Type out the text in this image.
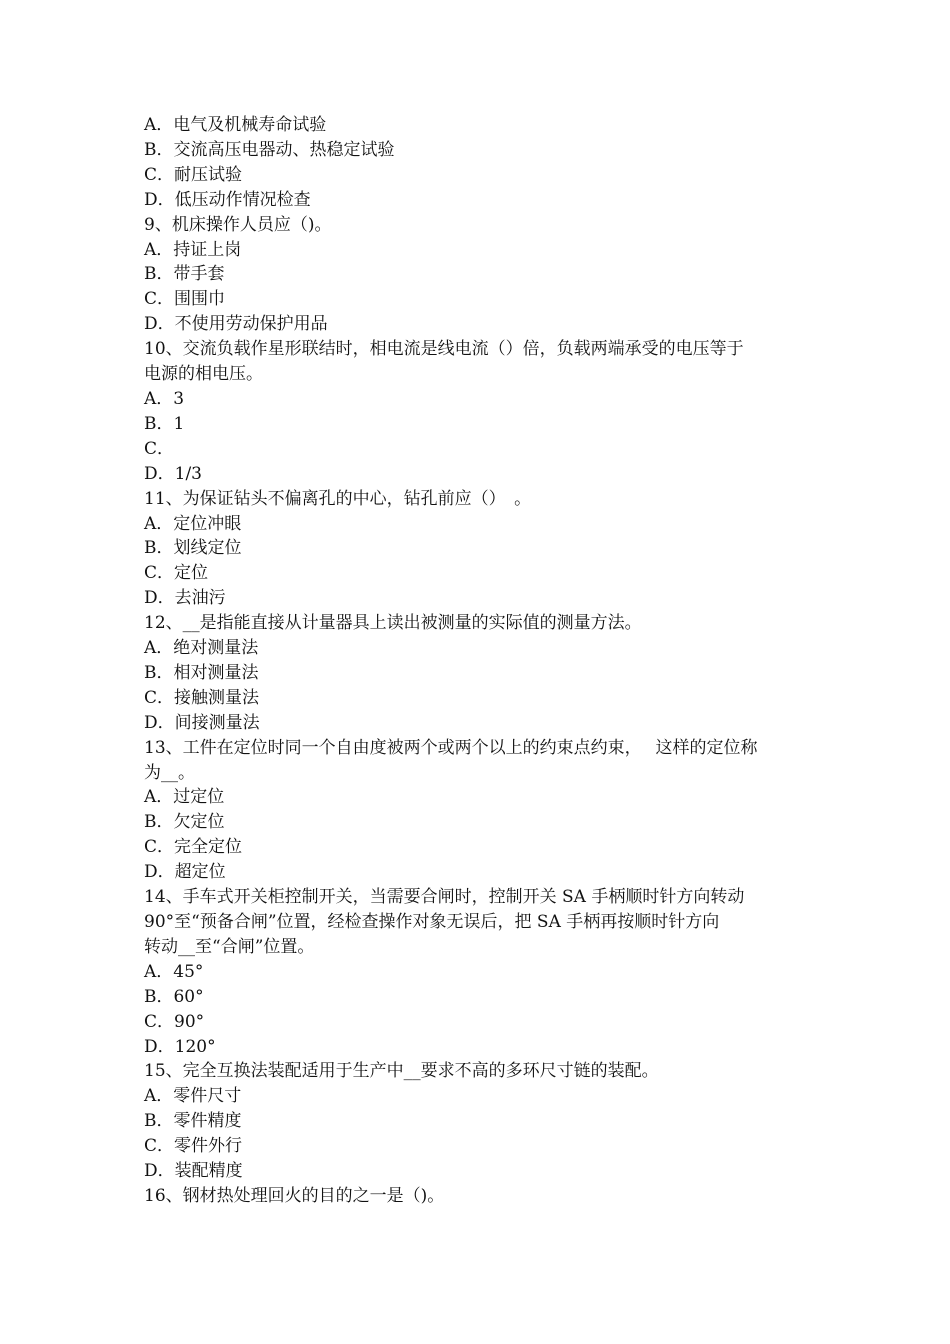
A．电气及机械寿命试验

B．交流高压电器动、热稳定试验

C．耐压试验

D．低压动作情况检查

9、机床操作人员应（)。

A．持证上岗

B．带手套

C．围围巾

D．不使用劳动保护用品

10、交流负载作星形联结时，相电流是线电流（）倍，负载两端承受的电压等于

电源的相电压。

A．3

B．1

C．

D．1/3

11、为保证钻头不偏离孔的中心，钻孔前应（）　。

A．定位冲眼

B．划线定位

C．定位

D．去油污

12、__是指能直接从计量器具上读出被测量的实际值的测量方法。

A．绝对测量法

B．相对测量法

C．接触测量法

D．间接测量法

13、工件在定位时同一个自由度被两个或两个以上的约束点约束，　 这样的定位称

为__。

A．过定位

B．欠定位

C．完全定位

D．超定位

14、手车式开关柜控制开关，当需要合闸时，控制开关 SA 手柄顺时针方向转动

90°至“预备合闸”位置，经检查操作对象无误后，把 SA 手柄再按顺时针方向

转动__至“合闸”位置。

A．45°

B．60°

C．90°

D．120°

15、完全互换法装配适用于生产中__要求不高的多环尺寸链的装配。

A．零件尺寸

B．零件精度

C．零件外行

D．装配精度

16、钢材热处理回火的目的之一是（)。
